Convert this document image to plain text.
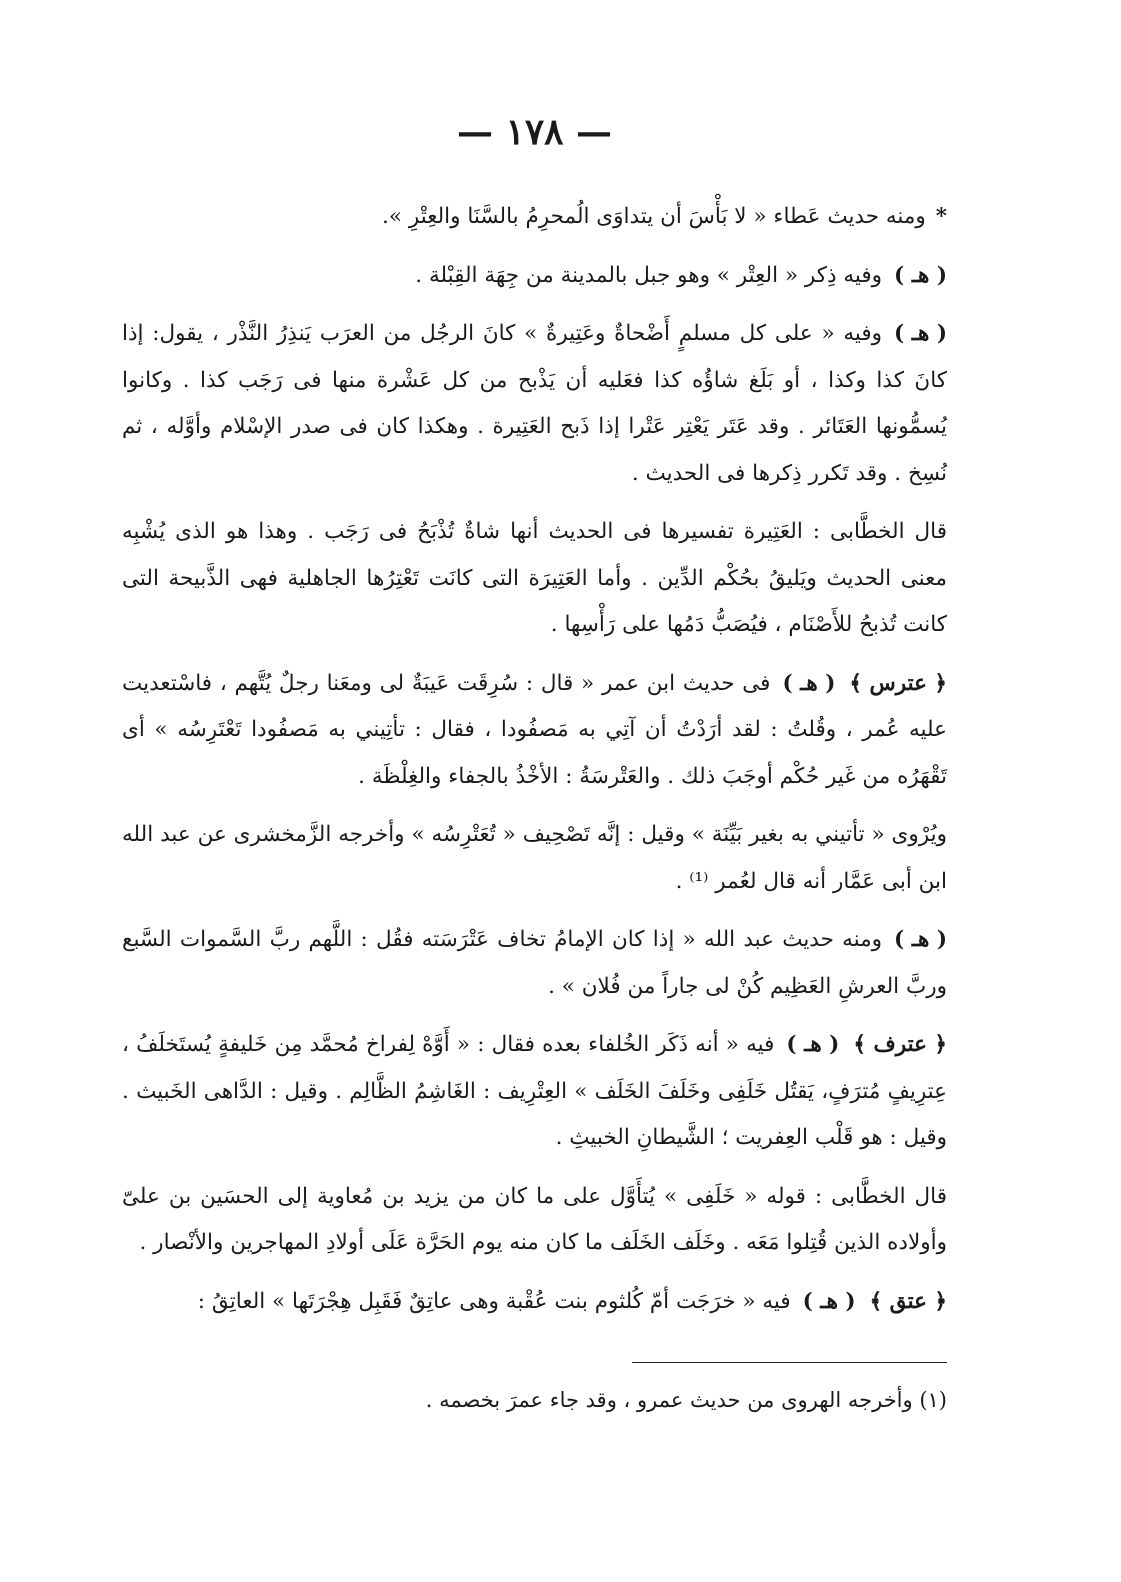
— ١٧٨ —

*ومنه حديث عَطاء « لا بَأْسَ أن يتداوَى الُمحرِمُ بالسَّنَا والعِتْرِ ».

( هـ )وفيه ذِكر « العِتْر » وهو جبل بالمدينة من جِهَة القِبْلة .

( هـ )وفيه « على كل مسلمٍ أَضْحاةٌ وعَتِيرةٌ » كانَ الرجُل من العرَب يَنذِرُ النَّذْر ، يقول: إذا كانَ كذا وكذا ، أو بَلَغ شاؤُه كذا فعَليه أن يَذْبح من كل عَشْرة منها فى رَجَب كذا . وكانوا يُسمُّونها العَتَائر . وقد عَتَر يَعْتِر عَتْرا إذا ذَبح العَتِيرة . وهكذا كان فى صدر الإسْلام وأوَّله ، ثم نُسِخ . وقد تَكرر ذِكرها فى الحديث .

قال الخطَّابى : العَتِيرة تفسيرها فى الحديث أنها شاةٌ تُذْبَحُ فى رَجَب . وهذا هو الذى يُشْبِه معنى الحديث ويَليقُ بحُكْم الدِّين . وأما العَتِيرَة التى كانَت تَعْتِرُها الجاهلية فهى الذَّبيحة التى كانت تُذبحُ للأَصْنَام ، فيُصَبُّ دَمُها على رَأْسِها .

﴿ عترس ﴾( هـ )فى حديث ابن عمر « قال : سُرِقَت عَيبَةٌ لى ومعَنا رجلٌ يُتَّهم ، فاسْتعديت عليه عُمر ، وقُلتُ : لقد أرَدْتُ أن آتِي به مَصفُودا ، فقال : تأتِيني به مَصفُودا تَعْتَرِسُه » أى تَقْهَرُه من غَير حُكْم أوجَبَ ذلك . والعَتْرسَةُ : الأخْذُ بالجفاء والغِلْظَة .

ويُرْوى « تأتيني به بغير بَيِّنَة » وقيل : إنَّه تَصْحِيف « تُعَتْرِسُه » وأخرجه الزَّمخشرى عن عبد الله ابن أبى عَمَّار أنه قال لعُمر ⁽¹⁾ .

( هـ )ومنه حديث عبد الله « إذا كان الإمامُ تخاف عَتْرَسَته فقُل : اللَّهم ربَّ السَّموات السَّبع وربَّ العرشِ العَظِيم كُنْ لى جاراً من فُلان » .

﴿ عترف ﴾( هـ )فيه « أنه ذَكَر الخُلفاء بعده فقال : « أَوَّهْ لِفراخ مُحمَّد مِن خَليفةٍ يُستَخلَفُ ، عِترِيفٍ مُترَفٍ، يَقتُل خَلَفِى وخَلَفَ الخَلَف » العِتْرِيف : الغَاشِمُ الظَّالِم . وقيل : الدَّاهى الخَبيث . وقيل : هو قَلْب العِفريت ؛ الشَّيطانِ الخبيثِ .

قال الخطَّابى : قوله « خَلَفِى » يُتأَوَّل على ما كان من يزيد بن مُعاوية إلى الحسَين بن علىّ وأولاده الذين قُتِلوا مَعَه . وخَلَف الخَلَف ما كان منه يوم الحَرَّة عَلَى أولادِ المهاجرين والأنْصار .

﴿ عتق ﴾( هـ )فيه « خرَجَت أمّ كُلثوم بنت عُقْبة وهى عاتِقٌ فَقَبِل هِجْرَتَها » العاتِقُ :

(١) وأخرجه الهروى من حديث عمرو ، وقد جاء عمرَ بخصمه .
